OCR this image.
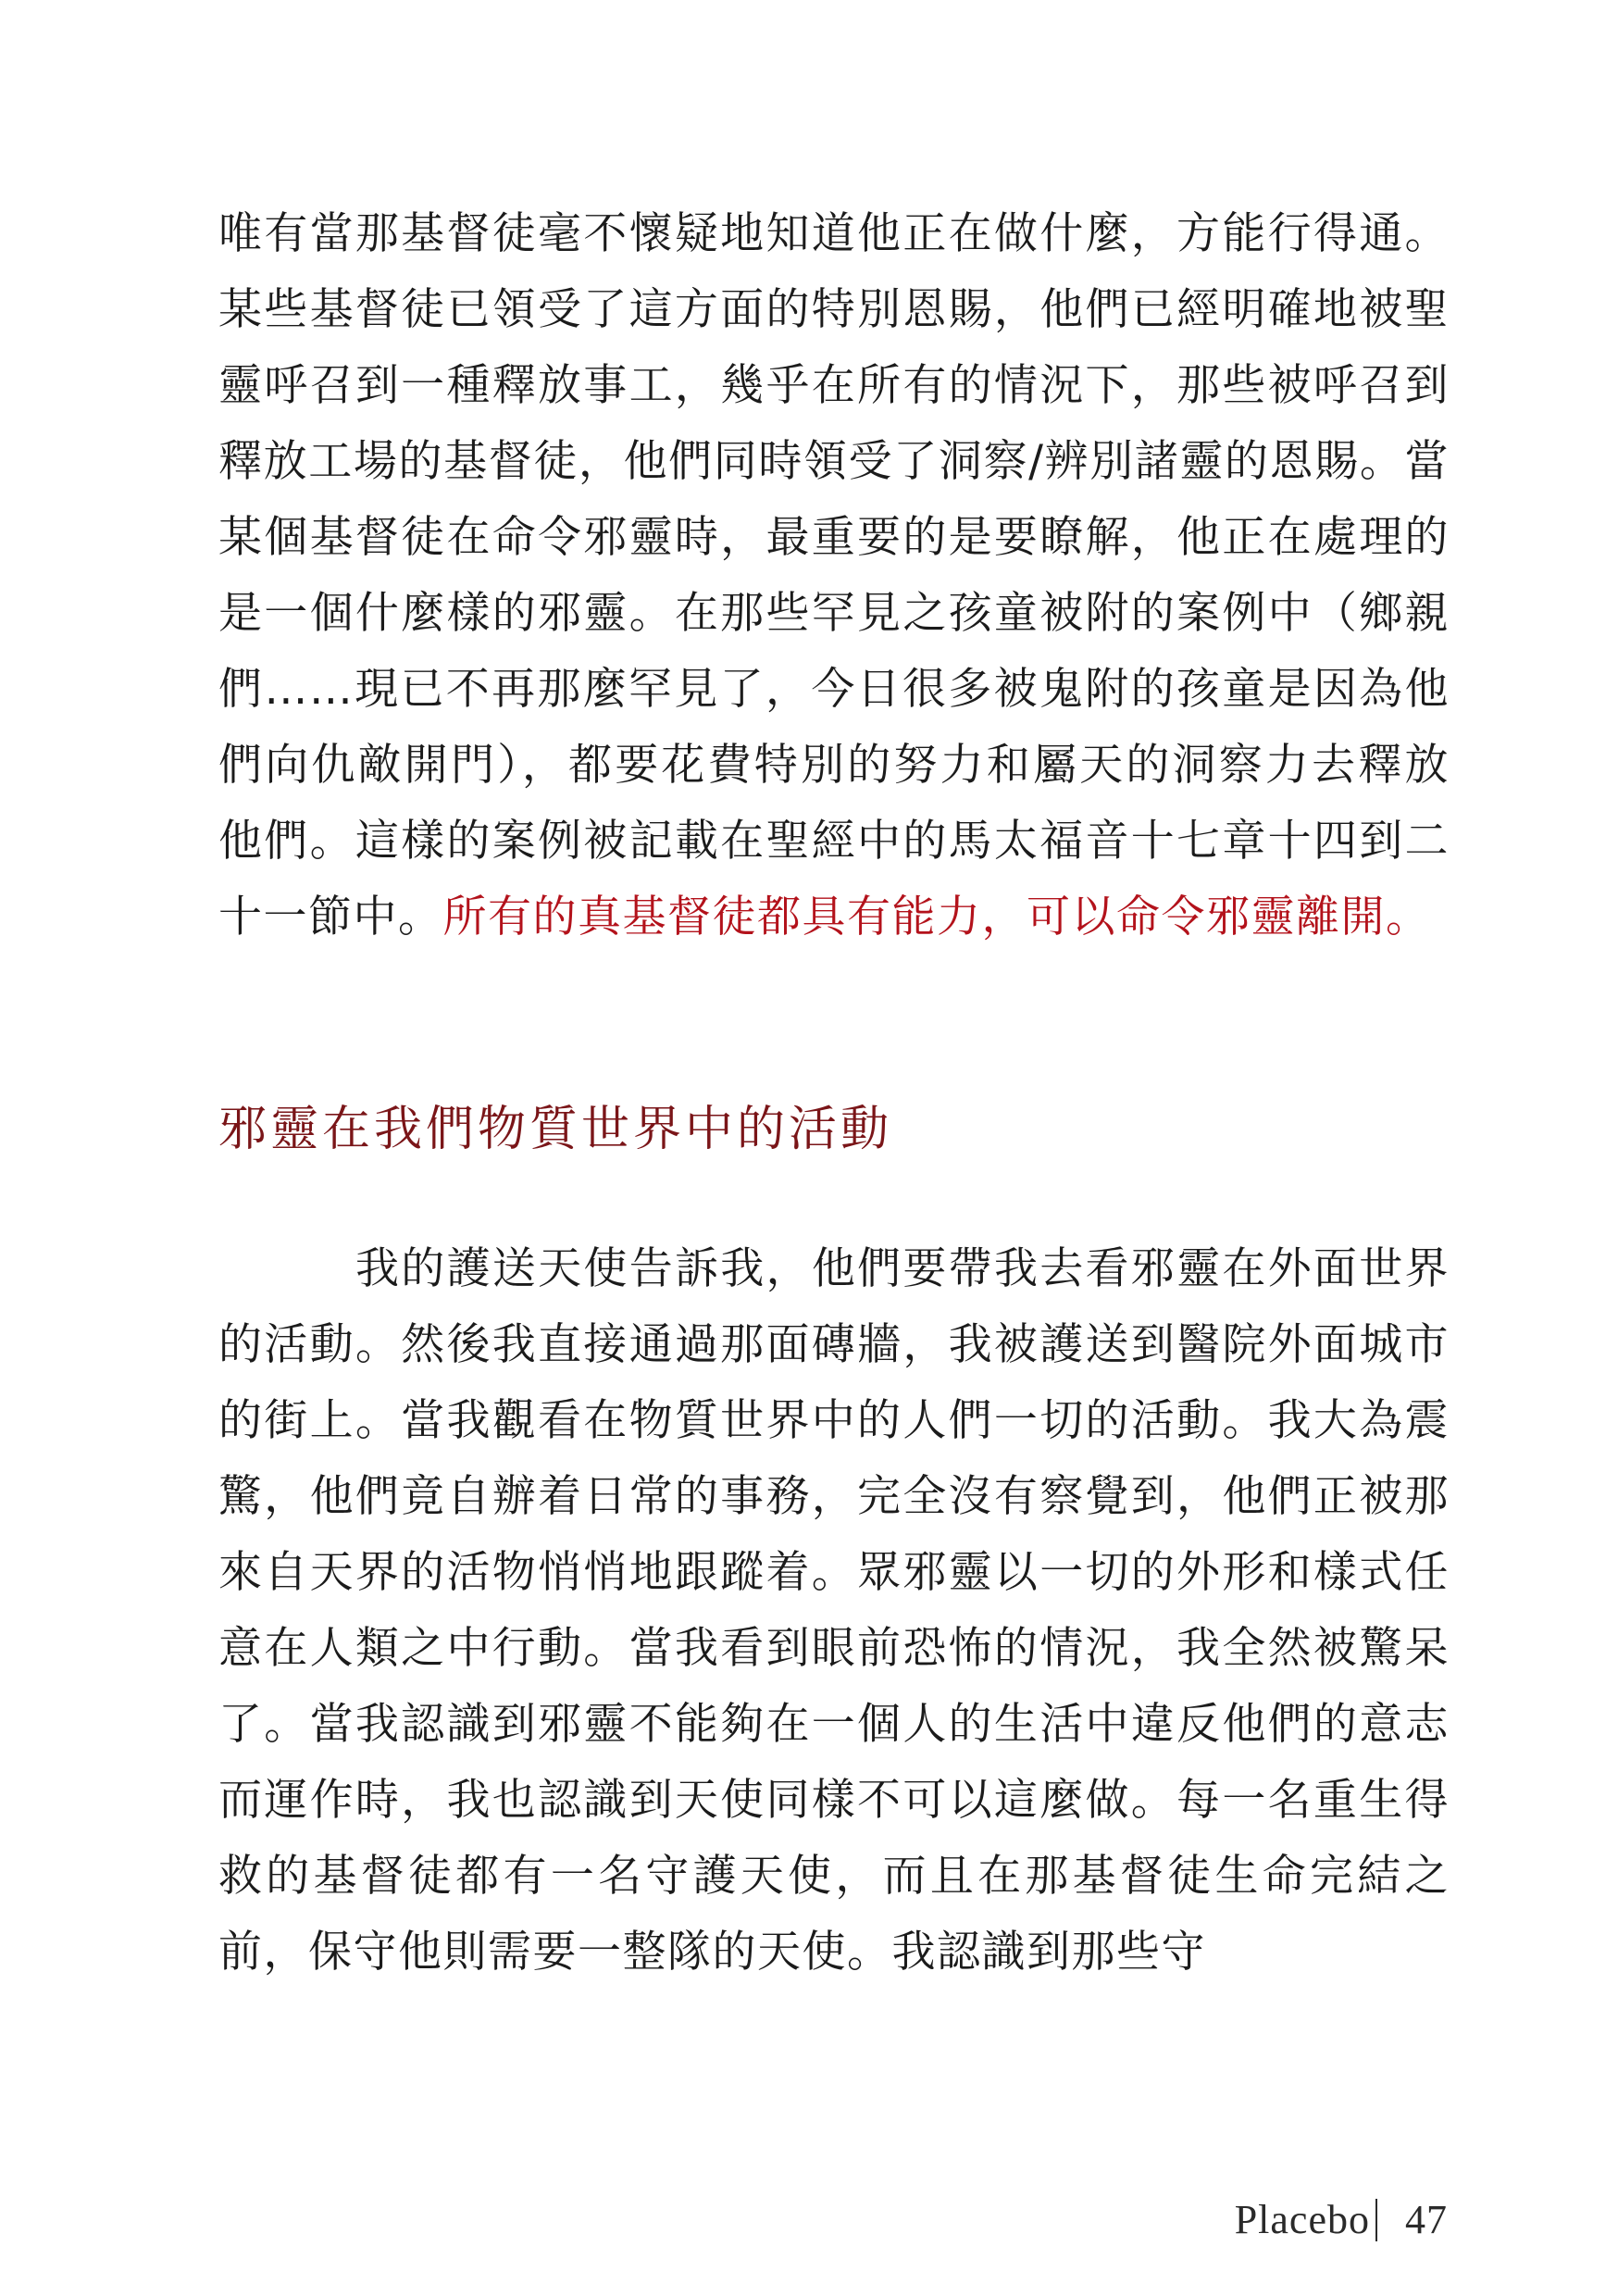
唯有當那基督徒毫不懷疑地知道他正在做什麼，方能行得通。某些基督徒已領受了這方面的特別恩賜，他們已經明確地被聖靈呼召到一種釋放事工，幾乎在所有的情況下，那些被呼召到釋放工場的基督徒，他們同時領受了洞察/辨別諸靈的恩賜。當某個基督徒在命令邪靈時，最重要的是要瞭解，他正在處理的是一個什麼樣的邪靈。在那些罕見之孩童被附的案例中（鄉親們……現已不再那麼罕見了，今日很多被鬼附的孩童是因為他們向仇敵開門），都要花費特別的努力和屬天的洞察力去釋放他們。這樣的案例被記載在聖經中的馬太福音十七章十四到二十一節中。所有的真基督徒都具有能力，可以命令邪靈離開。

邪靈在我們物質世界中的活動

我的護送天使告訴我，他們要帶我去看邪靈在外面世界的活動。然後我直接通過那面磚牆，我被護送到醫院外面城市的街上。當我觀看在物質世界中的人們一切的活動。我大為震驚，他們竟自辦着日常的事務，完全沒有察覺到，他們正被那來自天界的活物悄悄地跟蹤着。眾邪靈以一切的外形和樣式任意在人類之中行動。當我看到眼前恐怖的情況，我全然被驚呆了。當我認識到邪靈不能夠在一個人的生活中違反他們的意志而運作時，我也認識到天使同樣不可以這麼做。每一名重生得救的基督徒都有一名守護天使，而且在那基督徒生命完結之前，保守他則需要一整隊的天使。我認識到那些守

Placebo 47
